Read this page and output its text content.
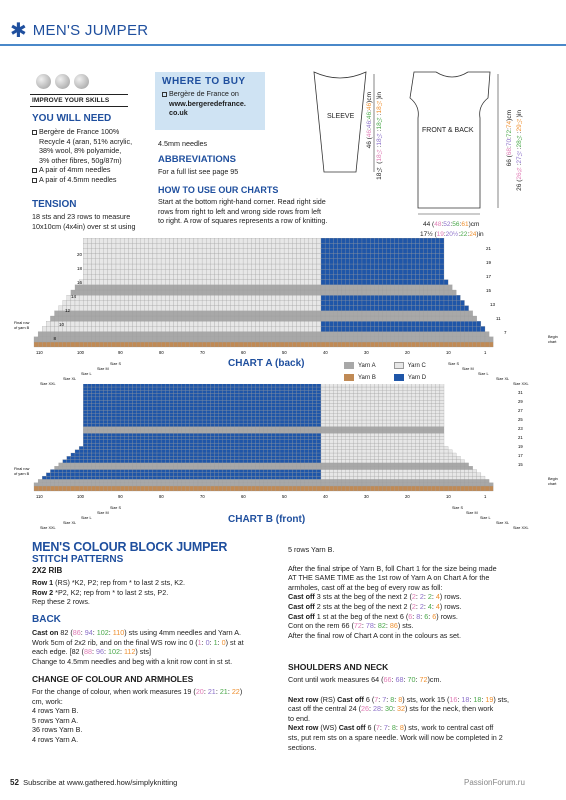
✱ MEN'S JUMPER
IMPROVE YOUR SKILLS
YOU WILL NEED
Bergère de France 100%
Recycle 4 (aran, 51% acrylic,
38% wool, 8% polyamide,
3% other fibres, 50g/87m)
A pair of 4mm needles
A pair of 4.5mm needles
TENSION
18 sts and 23 rows to measure
10x10cm (4x4in) over st st using
WHERE TO BUY
Bergère de France on
www.bergeredefrance.
co.uk
4.5mm needles
ABBREVIATIONS
For a full list see page 95
HOW TO USE OUR CHARTS
Start at the bottom right-hand corner. Read right side
rows from right to left and wrong side rows from left
to right. A row of squares represents a row of knitting.
SLEEVE
46 (46:46:46:46)cm
18¼ (18¼:18¼:18¼:18¼)in
FRONT & BACK
66 (68:70:72:74)cm
26 (26¾:27½:28¼:29¼)in
44 (48:52:56:61)cm
17½ (19:20½:22:24)in
20
18
16
14
12
10
8
21
19
17
15
13
11
7
110	100	90	80	70	60	50	40	30	20	10	1
Final row
of yarn B
Begin
chart
Size S
Size M
Size L
Size XL
Size XXL
Size S
Size M
Size L
Size XL
Size XXL
Yarn A	Yarn C
Yarn B	Yarn D
CHART A (back)
31
29
27
25
23
21
19
17
15
110	100	90	80	70	60	50	40	30	20	10	1
Final row
of yarn B
Begin
chart
Size S
Size M
Size L
Size XL
Size XXL
Size S
Size M
Size L
Size XL
Size XXL
CHART B (front)
MEN'S COLOUR BLOCK JUMPER
STITCH PATTERNS
2X2 RIB
Row 1 (RS) *K2, P2; rep from * to last 2 sts, K2.
Row 2 *P2, K2; rep from * to last 2 sts, P2.
Rep these 2 rows.
BACK
Cast on 82 (86: 94: 102: 110) sts using 4mm needles and Yarn A.
Work 5cm of 2x2 rib, and on the final WS row inc 0 (1: 0: 1: 0) st at
each edge. [82 (88: 96: 102: 112) sts]
Change to 4.5mm needles and beg with a knit row cont in st st.
CHANGE OF COLOUR AND ARMHOLES
For the change of colour, when work measures 19 (20: 21: 21: 22)
cm, work:
4 rows Yarn B.
5 rows Yarn A.
36 rows Yarn B.
4 rows Yarn A.
5 rows Yarn B.
After the final stripe of Yarn B, foll Chart 1 for the size being made
AT THE SAME TIME as the 1st row of Yarn A on Chart A for the
armholes, cast off at the beg of every row as foll:
Cast off 3 sts at the beg of the next 2 (2: 2: 2: 4) rows.
Cast off 2 sts at the beg of the next 2 (2: 2: 4: 4) rows.
Cast off 1 st at the beg of the next 6 (6: 8: 6: 6) rows.
Cont on the rem 66 (72: 78: 82: 86) sts.
After the final row of Chart A cont in the colours as set.
SHOULDERS AND NECK
Cont until work measures 64 (66: 68: 70: 72)cm.
Next row (RS) Cast off 6 (7: 7: 8: 8) sts, work 15 (16: 18: 18: 19) sts,
cast off the central 24 (26: 28: 30: 32) sts for the neck, then work
to end.
Next row (WS) Cast off 6 (7: 7: 8: 8) sts, work to central cast off
sts, put rem sts on a spare needle. Work will now be completed in 2
sections.
52 Subscribe at www.gathered.how/simplyknitting	PassionForum.ru
